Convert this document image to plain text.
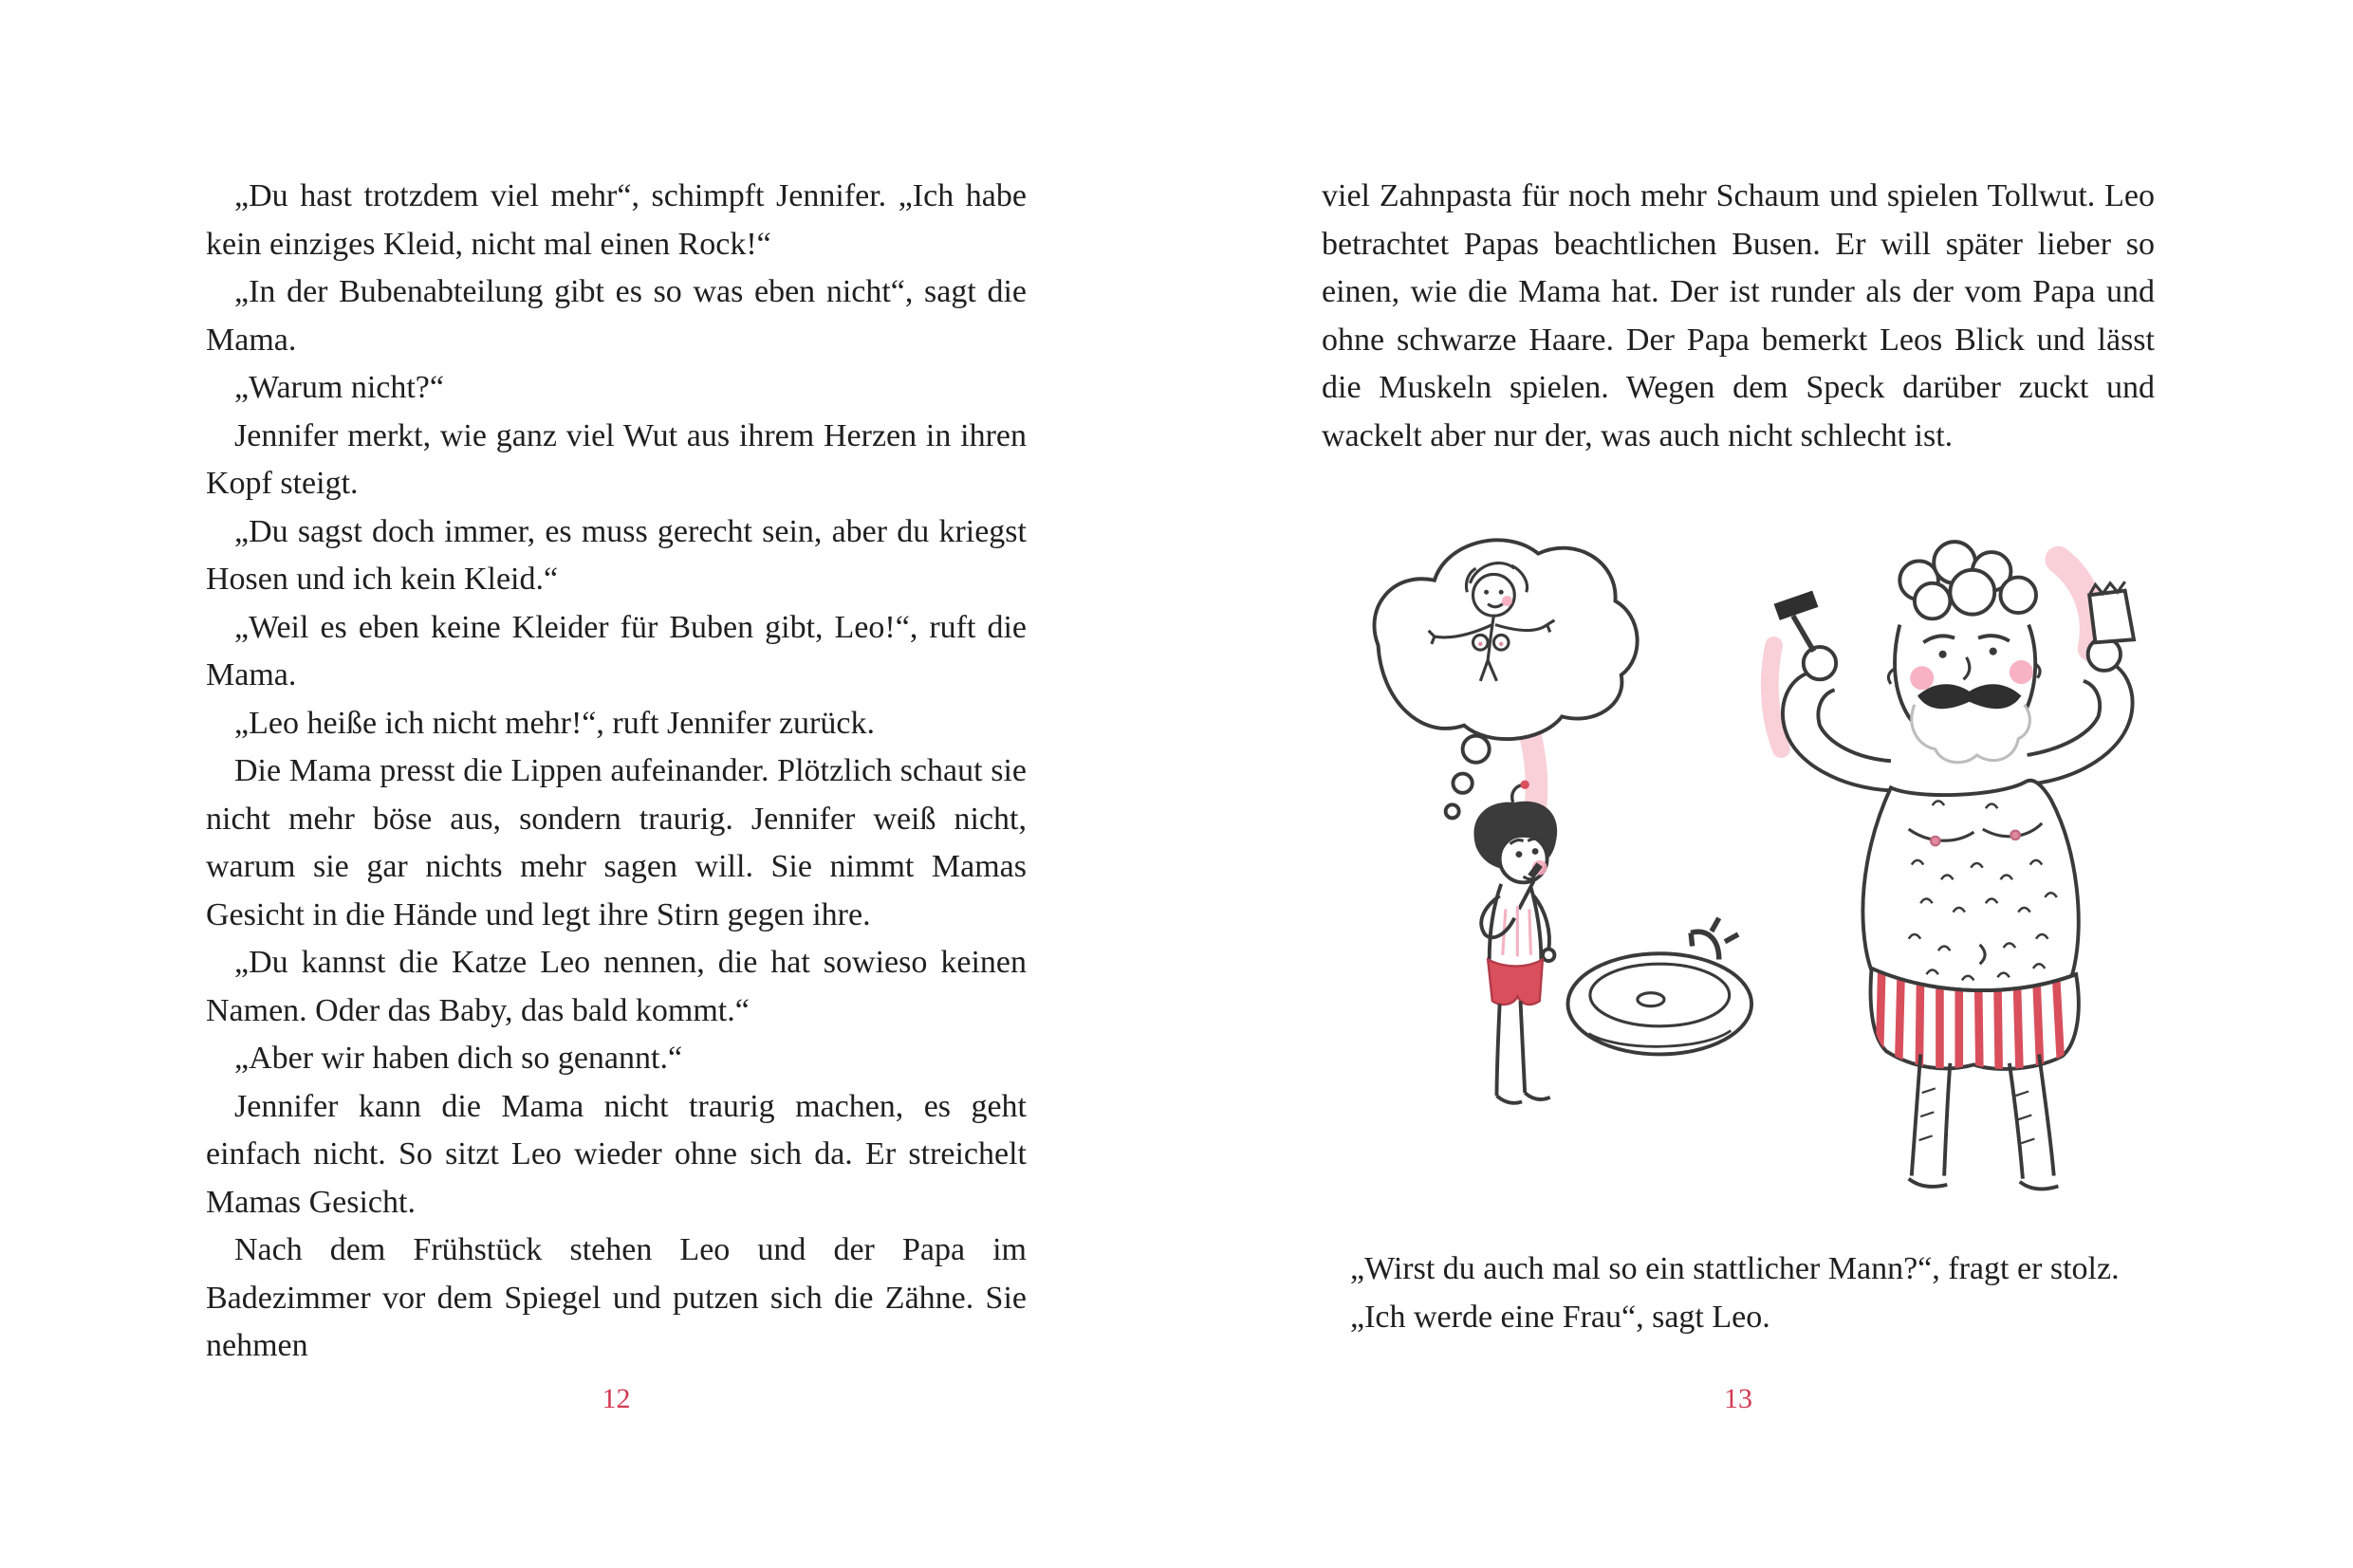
„Du hast trotzdem viel mehr“, schimpft Jennifer. „Ich habe kein einziges Kleid, nicht mal einen Rock!“

„In der Bubenabteilung gibt es so was eben nicht“, sagt die Mama.

„Warum nicht?“

Jennifer merkt, wie ganz viel Wut aus ihrem Herzen in ihren Kopf steigt.

„Du sagst doch immer, es muss gerecht sein, aber du kriegst Hosen und ich kein Kleid.“

„Weil es eben keine Kleider für Buben gibt, Leo!“, ruft die Mama.

„Leo heiße ich nicht mehr!“, ruft Jennifer zurück.

Die Mama presst die Lippen aufeinander. Plötzlich schaut sie nicht mehr böse aus, sondern traurig. Jennifer weiß nicht, warum sie gar nichts mehr sagen will. Sie nimmt Mamas Gesicht in die Hände und legt ihre Stirn gegen ihre.

„Du kannst die Katze Leo nennen, die hat sowieso keinen Namen. Oder das Baby, das bald kommt.“

„Aber wir haben dich so genannt.“

Jennifer kann die Mama nicht traurig machen, es geht einfach nicht. So sitzt Leo wieder ohne sich da. Er streichelt Mamas Gesicht.

Nach dem Frühstück stehen Leo und der Papa im Badezimmer vor dem Spiegel und putzen sich die Zähne. Sie nehmen

viel Zahnpasta für noch mehr Schaum und spielen Tollwut. Leo betrachtet Papas beachtlichen Busen. Er will später lieber so einen, wie die Mama hat. Der ist runder als der vom Papa und ohne schwarze Haare. Der Papa bemerkt Leos Blick und lässt die Muskeln spielen. Wegen dem Speck darüber zuckt und wackelt aber nur der, was auch nicht schlecht ist.

„Wirst du auch mal so ein stattlicher Mann?“, fragt er stolz.

„Ich werde eine Frau“, sagt Leo.

12	13
